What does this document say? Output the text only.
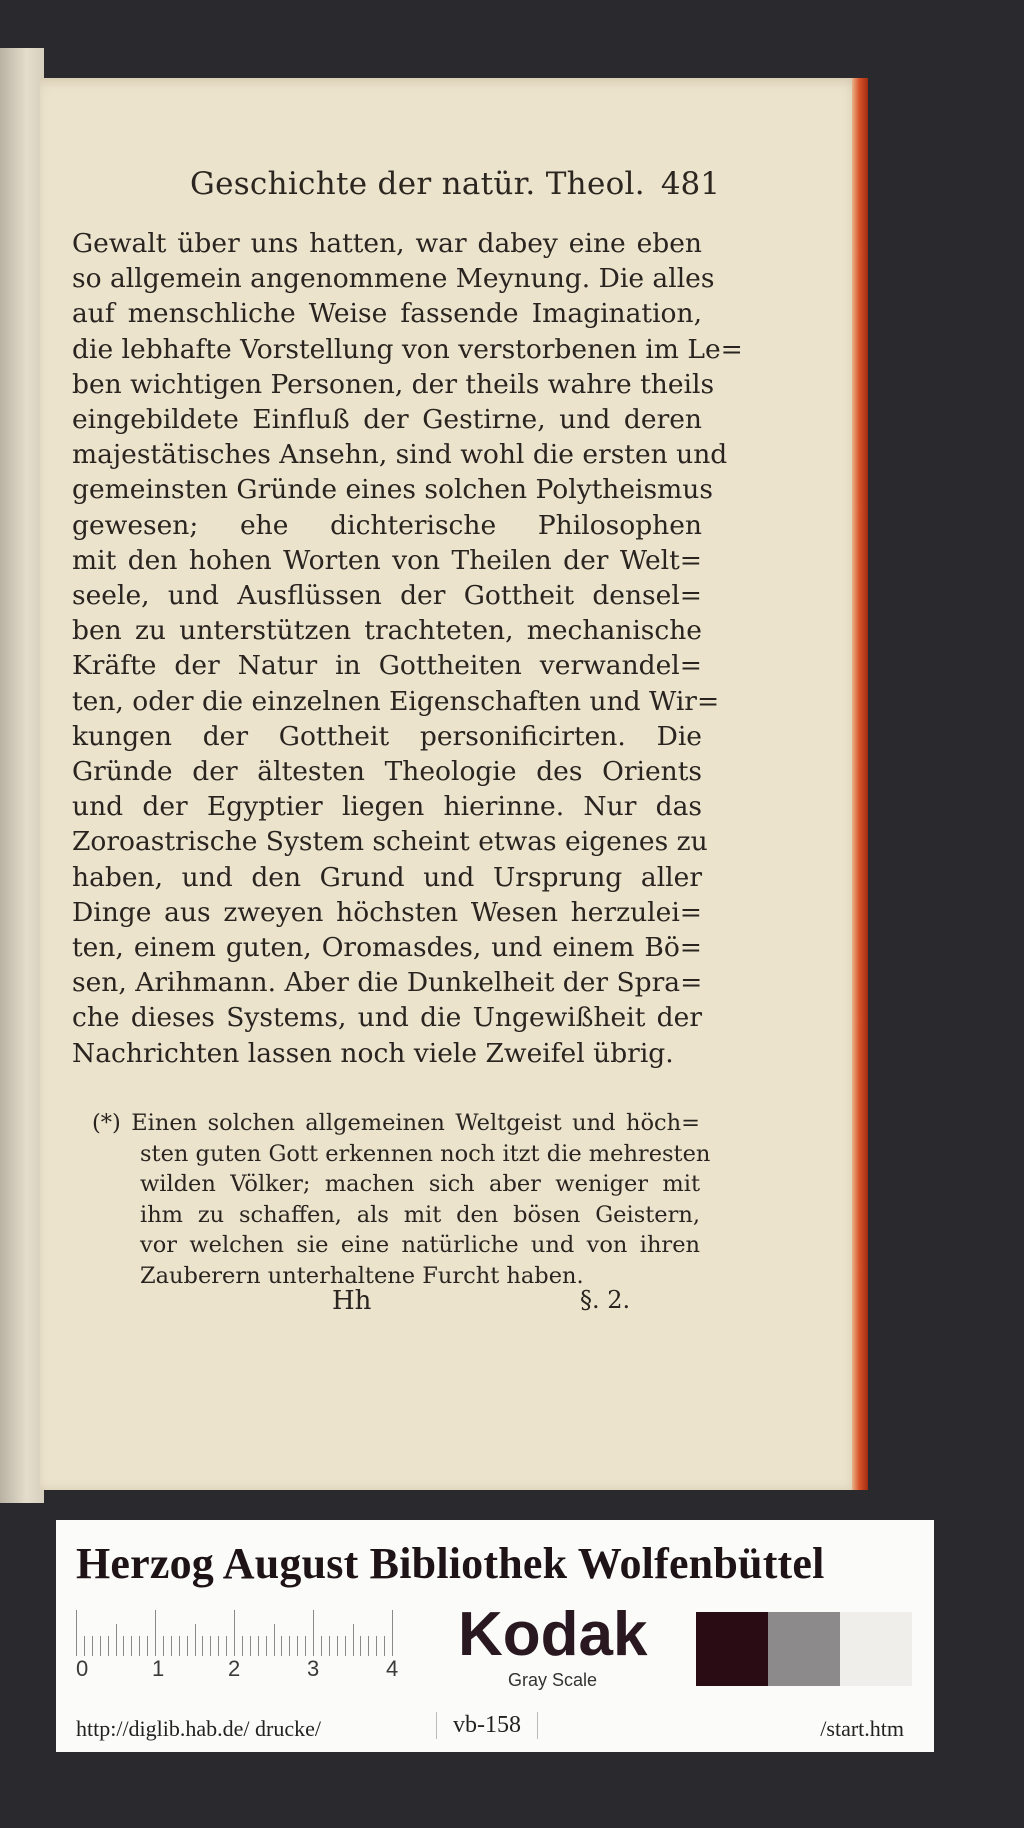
Geschichte der natür. Theol. 481
Gewalt über uns hatten, war dabey eine eben
so allgemein angenommene Meynung. Die alles
auf menschliche Weise fassende Imagination,
die lebhafte Vorstellung von verstorbenen im Le=
ben wichtigen Personen, der theils wahre theils
eingebildete Einfluß der Gestirne, und deren
majestätisches Ansehn, sind wohl die ersten und
gemeinsten Gründe eines solchen Polytheismus
gewesen; ehe dichterische Philosophen
mit den hohen Worten von Theilen der Welt=
seele, und Ausflüssen der Gottheit densel=
ben zu unterstützen trachteten, mechanische
Kräfte der Natur in Gottheiten verwandel=
ten, oder die einzelnen Eigenschaften und Wir=
kungen der Gottheit personificirten. Die
Gründe der ältesten Theologie des Orients
und der Egyptier liegen hierinne. Nur das
Zoroastrische System scheint etwas eigenes zu
haben, und den Grund und Ursprung aller
Dinge aus zweyen höchsten Wesen herzulei=
ten, einem guten, Oromasdes, und einem Bö=
sen, Arihmann. Aber die Dunkelheit der Spra=
che dieses Systems, und die Ungewißheit der
Nachrichten lassen noch viele Zweifel übrig.
(*) Einen solchen allgemeinen Weltgeist und höch=
sten guten Gott erkennen noch itzt die mehresten
wilden Völker; machen sich aber weniger mit
ihm zu schaffen, als mit den bösen Geistern,
vor welchen sie eine natürliche und von ihren
Zauberern unterhaltene Furcht haben.
Hh	§. 2.
Herzog August Bibliothek Wolfenbüttel
0	1	2	3	4 Kodak
Gray Scale
http://diglib.hab.de/ drucke/	vb-158	/start.htm
